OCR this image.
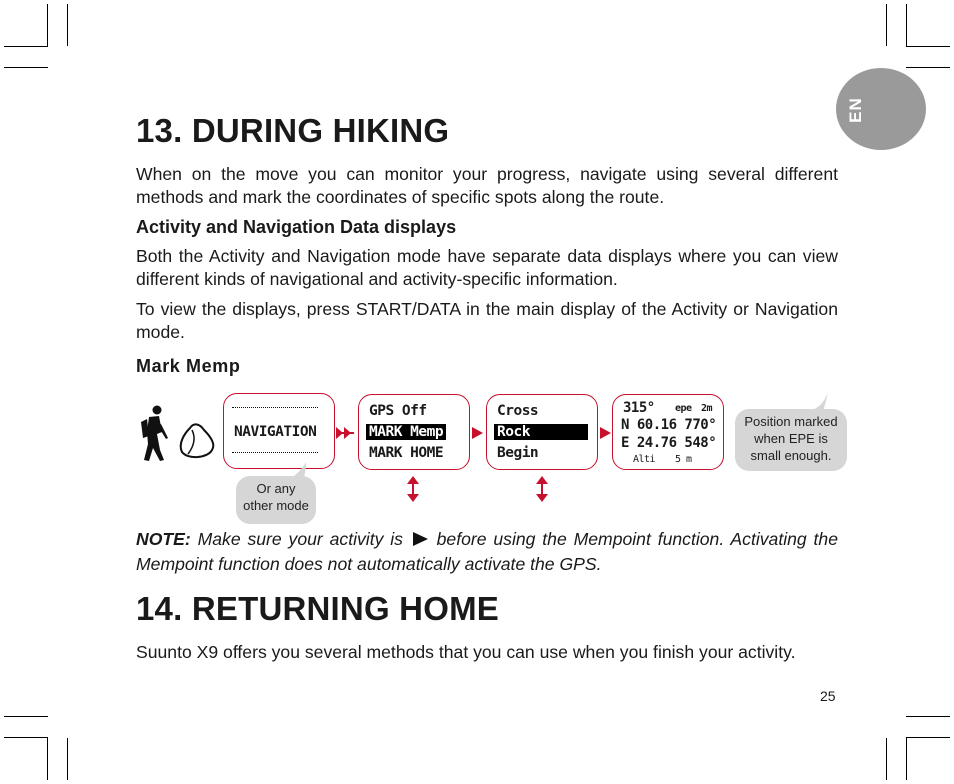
EN
13. DURING HIKING
When on the move you can monitor your progress, navigate using several different methods and mark the coordinates of specific spots along the route.
Activity and Navigation Data displays
Both the Activity and Navigation mode have separate data displays where you can view different kinds of navigational and activity-specific information.
To view the displays, press START/DATA in the main display of the Activity or Navigation mode.
Mark Memp
NAVIGATION
GPS Off
MARK Memp
MARK HOME
Cross
Rock
Begin
315° epe 2m
N 60.16 770°
E 24.76 548°
Alti 5 m
Position marked
when EPE is
small enough.
Or any
other mode
NOTE: Make sure your activity is  before using the Mempoint function. Activating the Mempoint function does not automatically activate the GPS.
14. RETURNING HOME
Suunto X9 offers you several methods that you can use when you finish your activity.
25
